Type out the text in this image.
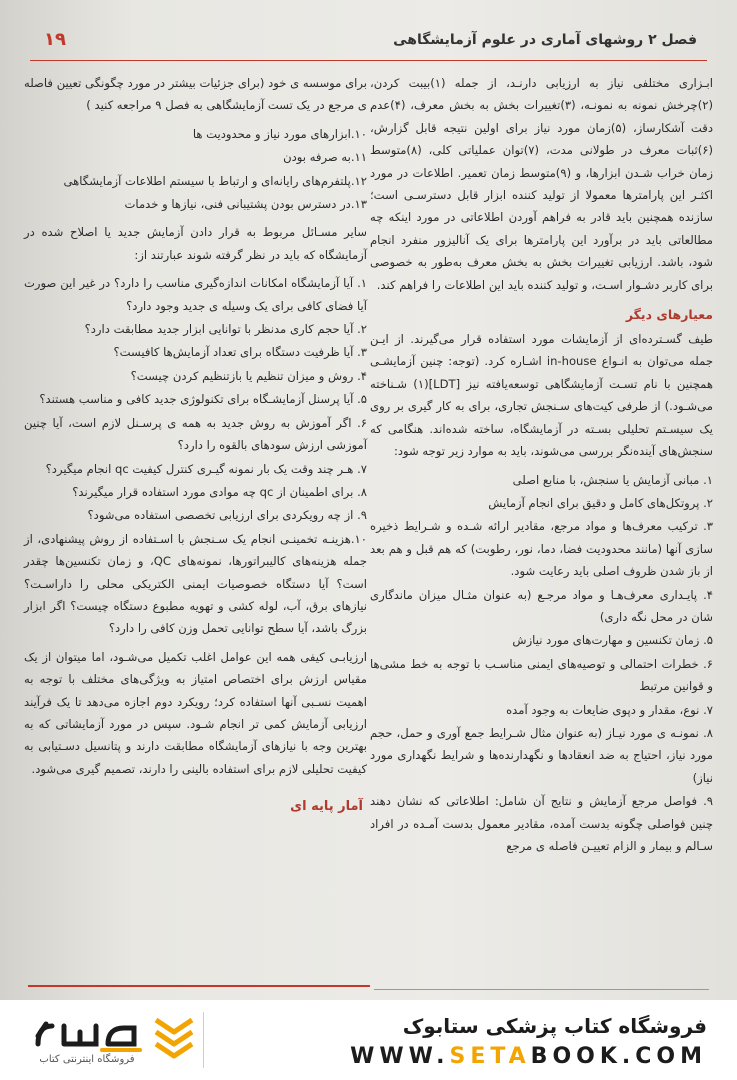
فصل ۲ روشهای آماری در علوم آزمایشگاهی
۱۹

ابـزاری مختلفی نیاز به ارزیابی دارنـد، از جمله (۱)بیبت کردن، (۲)چرخش نمونه به نمونـه، (۳)تغییرات بخش به بخش معرف، (۴)عدم دقت آشکارساز، (۵)زمان مورد نیاز برای اولین نتیجه قابل گزارش، (۶)ثبات معرف در طولانی مدت، (۷)توان عملیاتی کلی، (۸)متوسط زمان خراب شـدن ابزارها، و (۹)متوسط زمان تعمیر. اطلاعات در مورد اکثـر این پارامترها معمولا از تولید کننده ابزار قابل دسترسـی است؛ سازنده همچنین باید قادر به فراهم آوردن اطلاعاتی در مورد اینکه چه مطالعاتی باید در برآورد این پارامترها برای یک آنالیزور منفرد انجام شود، باشد. ارزیابی تغییرات بخش به بخش معرف به‌طور به خصوصی برای کاربر دشـوار اسـت، و تولید کننده باید این اطلاعات را فراهم کند.

معیارهای دیگر

طیف گسـترده‌ای از آزمایشات مورد استفاده قرار می‌گیرند. از ایـن جمله می‌توان به انـواع in-house اشـاره کرد. (توجه: چنین آزمایشـی همچنین با نام تسـت آزمایشگاهی توسعه‌یافته نیز [LDT](۱) شـناخته می‌شـود.) از طرفی کیت‌های سـنجش تجاری، برای به کار گیری بر روی یک سیسـتم تحلیلی بسـته در آزمایشگاه، ساخته شده‌اند. هنگامی که سنجش‌های آینده‌نگر بررسی می‌شوند، باید به موارد زیر توجه شود:

۱. مبانی آزمایش یا سنجش، با منابع اصلی
۲. پروتکل‌های کامل و دقیق برای انجام آزمایش
۳. ترکیب معرف‌ها و مواد مرجع، مقادیر ارائه شـده و شـرایط ذخیره سازی آنها (مانند محدودیت فضا، دما، نور، رطوبت) که هم قبل و هم بعد از باز شدن ظروف اصلی باید رعایت شود.
۴. پایـداری معرف‌هـا و مواد مرجـع (به عنوان مثـال میزان ماندگاری شان در محل نگه داری)
۵. زمان تکنسین و مهارت‌های مورد نیازش
۶. خطرات احتمالی و توصیه‌های ایمنی مناسـب با توجه به خط مشی‌ها و قوانین مرتبط
۷. نوع، مقدار و دپوی ضایعات به وجود آمده
۸. نمونـه ی مورد نیـاز (به عنوان مثال شـرایط جمع آوری و حمل، حجم مورد نیاز، احتیاج به ضد انعقادها و نگهدارنده‌ها و شرایط نگهداری مورد نیاز)
۹. فواصل مرجع آزمایش و نتایج آن شامل: اطلاعاتی که نشان دهند چنین فواصلی چگونه بدست آمده، مقادیر معمول بدست آمـده در افراد سـالم و بیمار و الزام تعییـن فاصله ی مرجع

برای موسسه ی خود (برای جزئیات بیشتر در مورد چگونگی تعیین فاصله ی مرجع در یک تست آزمایشگاهی به فصل ۹ مراجعه کنید )

۱۰.ابزارهای مورد نیاز و محدودیت ها
۱۱.به صرفه بودن
۱۲.پلتفرم‌های رایانه‌ای و ارتباط با سیستم اطلاعات آزمایشگاهی
۱۳.در دسترس بودن پشتیبانی فنی، نیازها و خدمات

سایر مسـائل مربوط به قرار دادن آزمایش جدید یا اصلاح شده در آزمایشگاه که باید در نظر گرفته شوند عبارتند از:

۱. آیا آزمایشگاه امکانات اندازه‌گیری مناسب را دارد؟ در غیر این صورت آیا فضای کافی برای یک وسیله ی جدید وجود دارد؟
۲. آیا حجم کاری مدنظر با توانایی ابزار جدید مطابقت دارد؟
۳. آیا ظرفیت دستگاه برای تعداد آزمایش‌ها کافیست؟
۴. روش و میزان تنظیم یا بازتنظیم کردن چیست؟
۵. آیا پرسنل آزمایشـگاه برای تکنولوژی جدید کافی و مناسب هستند؟
۶. اگر آموزش به روش جدید به همه ی پرسـنل لازم است، آیا چنین آموزشی ارزش سودهای بالقوه را دارد؟
۷. هـر چند وقت یک بار نمونه گیـری کنترل کیفیت qc انجام میگیرد؟
۸. برای اطمینان از qc چه موادی مورد استفاده قرار میگیرند؟
۹. از چه رویکردی برای ارزیابی تخصصی استفاده می‌شود؟
۱۰.هزینـه تخمینـی انجام یک سـنجش با اسـتفاده از روش پیشنهادی، از جمله هزینه‌های کالیبراتورها، نمونه‌های QC، و زمان تکنسین‌ها چقدر است؟ آیا دستگاه خصوصیات ایمنی الکتریکی محلی را داراسـت؟ نیازهای برق، آب، لوله کشی و تهویه مطبوع دستگاه چیست؟ اگر ابزار بزرگ باشد، آیا سطح توانایی تحمل وزن کافی را دارد؟

ارزیابـی کیفی همه این عوامل اغلب تکمیل می‌شـود، اما میتوان از یک مقیاس ارزش برای اختصاص امتیاز به ویژگی‌های مختلف با توجه به اهمیت نسـبی آنها استفاده کرد؛ رویکرد دوم اجازه می‌دهد تا یک فرآیند ارزیابی آزمایش کمی تر انجام شـود. سپس در مورد آزمایشاتی که به بهترین وجه با نیازهای آزمایشگاه مطابقت دارند و پتانسیل دسـتیابی به کیفیت تحلیلی لازم برای استفاده بالینی را دارند، تصمیم گیری می‌شود.

آمار پایه ای
فروشگاه کتاب پزشکی ستابوک
WWW.SETABOOK.COM
فروشگاه اینترنتی کتاب
